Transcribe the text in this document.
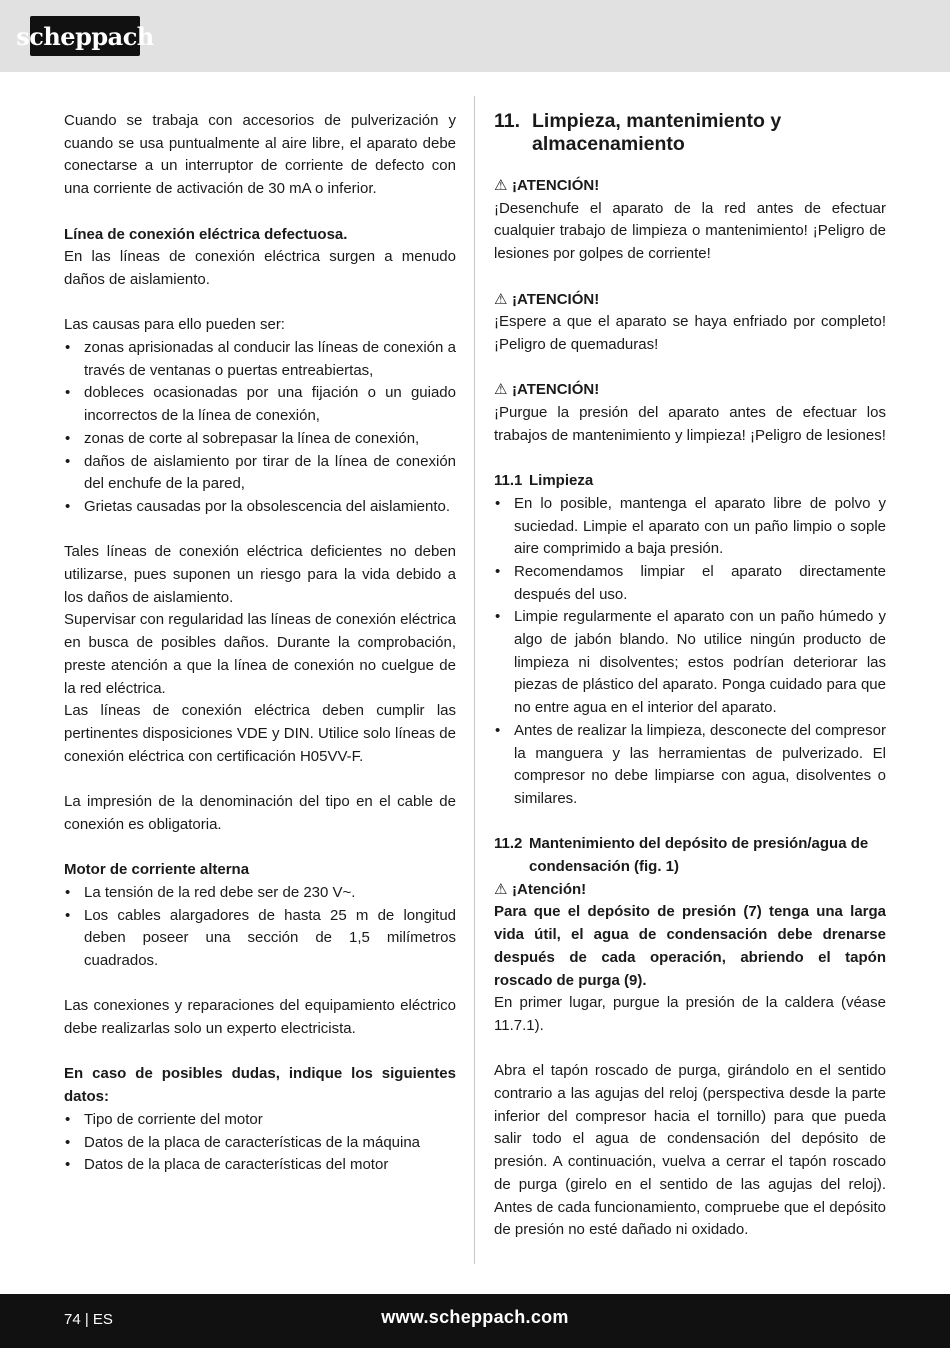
scheppach

Cuando se trabaja con accesorios de pulverización y cuando se usa puntualmente al aire libre, el aparato debe conectarse a un interruptor de corriente de defecto con una corriente de activación de 30 mA o inferior.

Línea de conexión eléctrica defectuosa.

En las líneas de conexión eléctrica surgen a menudo daños de aislamiento.

Las causas para ello pueden ser:

• zonas aprisionadas al conducir las líneas de conexión a través de ventanas o puertas entreabiertas,
• dobleces ocasionadas por una fijación o un guiado incorrectos de la línea de conexión,
• zonas de corte al sobrepasar la línea de conexión,
• daños de aislamiento por tirar de la línea de conexión del enchufe de la pared,
• Grietas causadas por la obsolescencia del aislamiento.

Tales líneas de conexión eléctrica deficientes no deben utilizarse, pues suponen un riesgo para la vida debido a los daños de aislamiento.

Supervisar con regularidad las líneas de conexión eléctrica en busca de posibles daños. Durante la comprobación, preste atención a que la línea de conexión no cuelgue de la red eléctrica.

Las líneas de conexión eléctrica deben cumplir las pertinentes disposiciones VDE y DIN. Utilice solo líneas de conexión eléctrica con certificación H05VV-F.

La impresión de la denominación del tipo en el cable de conexión es obligatoria.

Motor de corriente alterna

• La tensión de la red debe ser de 230 V~.
• Los cables alargadores de hasta 25 m de longitud deben poseer una sección de 1,5 milímetros cuadrados.

Las conexiones y reparaciones del equipamiento eléctrico debe realizarlas solo un experto electricista.

En caso de posibles dudas, indique los siguientes datos:

• Tipo de corriente del motor
• Datos de la placa de características de la máquina
• Datos de la placa de características del motor
11. Limpieza, mantenimiento y almacenamiento

⚠ ¡ATENCIÓN!

¡Desenchufe el aparato de la red antes de efectuar cualquier trabajo de limpieza o mantenimiento! ¡Peligro de lesiones por golpes de corriente!

⚠ ¡ATENCIÓN!

¡Espere a que el aparato se haya enfriado por completo! ¡Peligro de quemaduras!

⚠ ¡ATENCIÓN!

¡Purgue la presión del aparato antes de efectuar los trabajos de mantenimiento y limpieza! ¡Peligro de lesiones!

11.1 Limpieza
• En lo posible, mantenga el aparato libre de polvo y suciedad. Limpie el aparato con un paño limpio o sople aire comprimido a baja presión.
• Recomendamos limpiar el aparato directamente después del uso.
• Limpie regularmente el aparato con un paño húmedo y algo de jabón blando. No utilice ningún producto de limpieza ni disolventes; estos podrían deteriorar las piezas de plástico del aparato. Ponga cuidado para que no entre agua en el interior del aparato.
• Antes de realizar la limpieza, desconecte del compresor la manguera y las herramientas de pulverizado. El compresor no debe limpiarse con agua, disolventes o similares.
11.2 Mantenimiento del depósito de presión/agua de condensación (fig. 1)

⚠ ¡Atención!

Para que el depósito de presión (7) tenga una larga vida útil, el agua de condensación debe drenarse después de cada operación, abriendo el tapón roscado de purga (9).

En primer lugar, purgue la presión de la caldera (véase 11.7.1).

Abra el tapón roscado de purga, girándolo en el sentido contrario a las agujas del reloj (perspectiva desde la parte inferior del compresor hacia el tornillo) para que pueda salir todo el agua de condensación del depósito de presión. A continuación, vuelva a cerrar el tapón roscado de purga (girelo en el sentido de las agujas del reloj). Antes de cada funcionamiento, compruebe que el depósito de presión no esté dañado ni oxidado.

74 | ES	www.scheppach.com
